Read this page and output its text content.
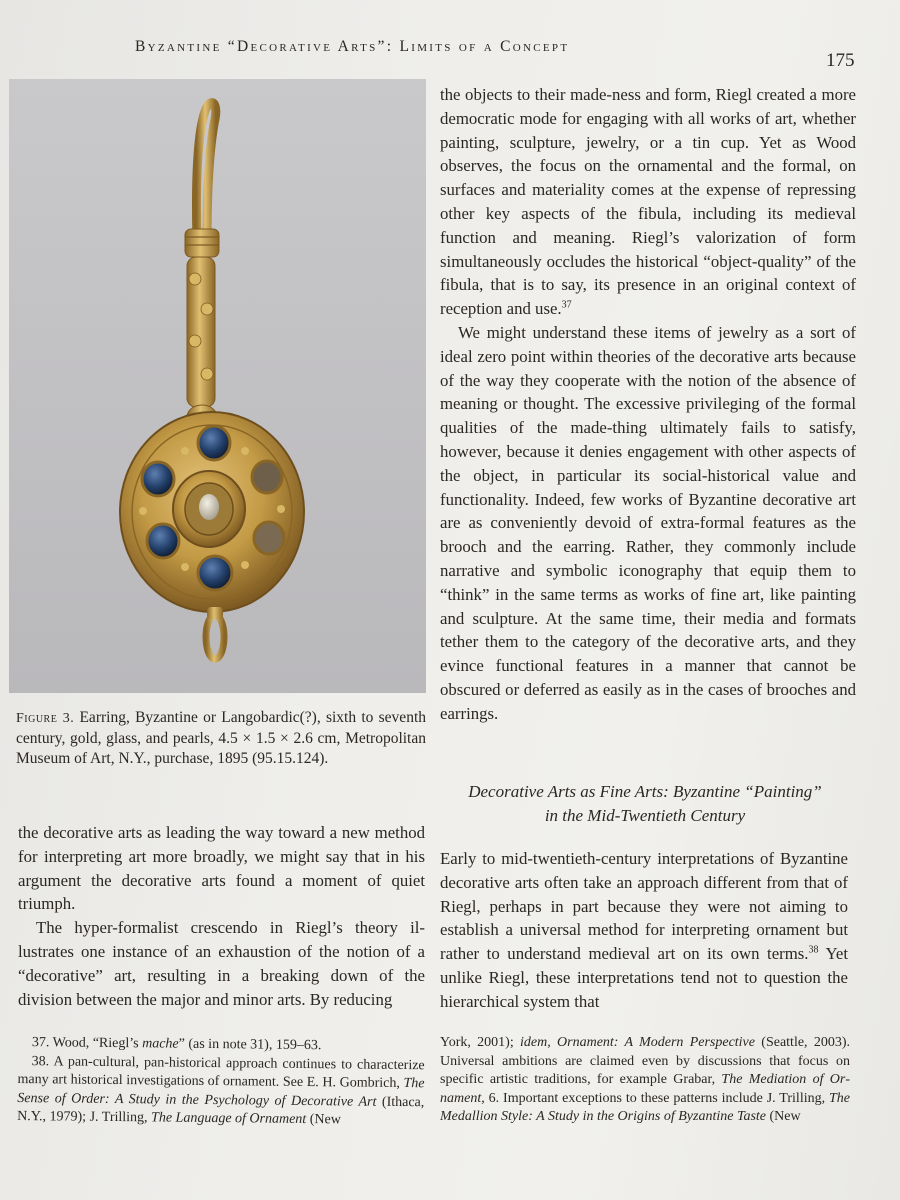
Byzantine “Decorative Arts”: Limits of a Concept
175
Figure 3. Earring, Byzantine or Langobardic(?), sixth to seventh century, gold, glass, and pearls, 4.5 × 1.5 × 2.6 cm, Metropolitan Museum of Art, N.Y., purchase, 1895 (95.15.124).

the objects to their made-ness and form, Riegl created a more democratic mode for engaging with all works of art, whether painting, sculpture, jewelry, or a tin cup. Yet as Wood observes, the focus on the ornamental and the formal, on surfaces and materiality comes at the expense of repressing other key aspects of the fibula, including its medieval function and meaning. Riegl’s valorization of form simultaneously occludes the historical “object-quality” of the fibula, that is to say, its presence in an original context of reception and use.$^{37}$

We might understand these items of jewelry as a sort of ideal zero point within theories of the decorative arts because of the way they cooperate with the notion of the absence of meaning or thought. The excessive privileging of the formal qualities of the made-thing ultimately fails to satisfy, however, because it denies engagement with other aspects of the object, in particular its social-historical value and functionality. Indeed, few works of Byzantine decorative art are as conveniently devoid of extra-formal features as the brooch and the earring. Rather, they commonly include narrative and symbolic iconography that equip them to “think” in the same terms as works of fine art, like painting and sculpture. At the same time, their media and formats tether them to the category of the decorative arts, and they evince functional features in a manner that cannot be obscured or deferred as easily as in the cases of brooches and earrings.

Decorative Arts as Fine Arts: Byzantine “Painting”
in the Mid-Twentieth Century

the decorative arts as leading the way toward a new method for interpreting art more broadly, we might say that in his argument the decorative arts found a moment of quiet triumph.

The hyper-formalist crescendo in Riegl’s theory illustrates one instance of an exhaustion of the notion of a “decorative” art, resulting in a breaking down of the division between the major and minor arts. By reducing

Early to mid-twentieth-century interpretations of Byzantine decorative arts often take an approach different from that of Riegl, perhaps in part because they were not aiming to establish a universal method for interpreting ornament but rather to understand medieval art on its own terms.$^{38}$ Yet unlike Riegl, these interpretations tend not to question the hierarchical system that

37. Wood, “Riegl’s mache” (as in note 31), 159–63.

38. A pan-cultural, pan-historical approach continues to characterize many art historical investigations of ornament. See E. H. Gombrich, The Sense of Order: A Study in the Psychology of Decorative Art (Ithaca, N.Y., 1979); J. Trilling, The Language of Ornament (New

York, 2001); idem, Ornament: A Modern Perspective (Seattle, 2003). Universal ambitions are claimed even by discussions that focus on specific artistic traditions, for example Grabar, The Mediation of Ornament, 6. Important exceptions to these patterns include J. Trilling, The Medallion Style: A Study in the Origins of Byzantine Taste (New
